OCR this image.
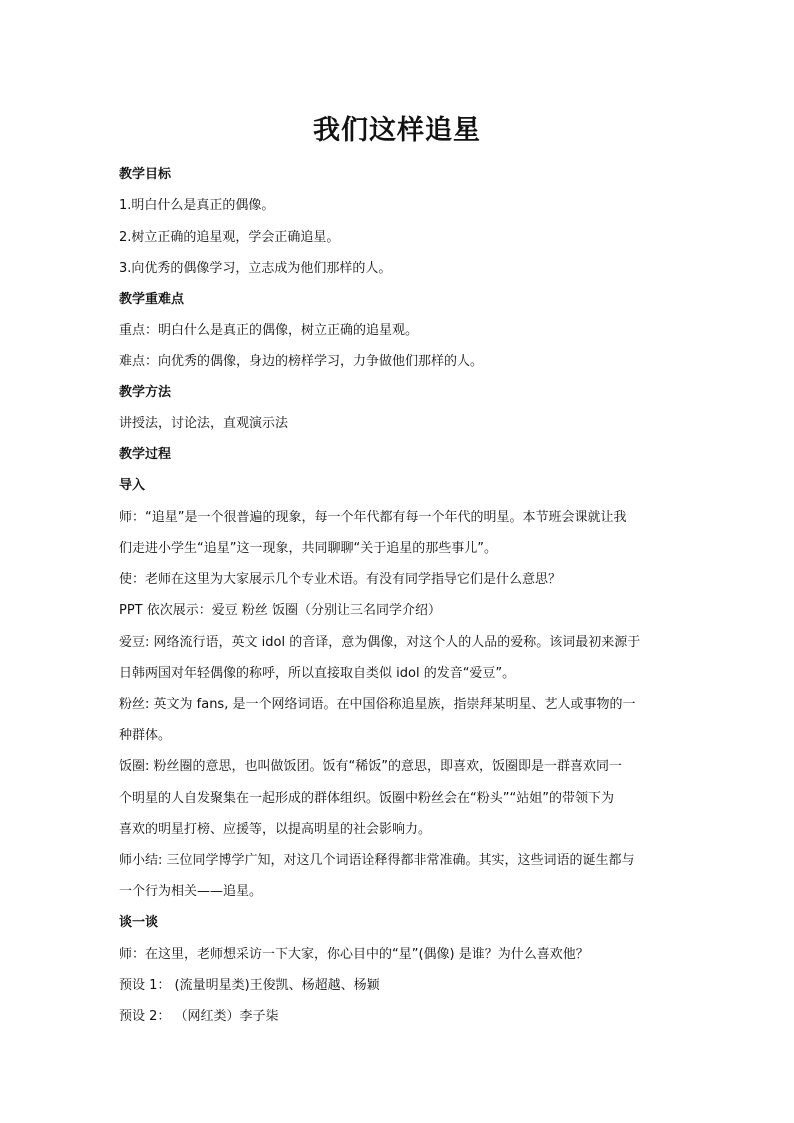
我们这样追星
教学目标
1.明白什么是真正的偶像。
2.树立正确的追星观，学会正确追星。
3.向优秀的偶像学习，立志成为他们那样的人。
教学重难点
重点：明白什么是真正的偶像，树立正确的追星观。
难点：向优秀的偶像，身边的榜样学习，力争做他们那样的人。
教学方法
讲授法，讨论法，直观演示法
教学过程
导入
师：“追星”是一个很普遍的现象，每一个年代都有每一个年代的明星。本节班会课就让我
们走进小学生“追星”这一现象，共同聊聊“关于追星的那些事儿”。
使：老师在这里为大家展示几个专业术语。有没有同学指导它们是什么意思？
PPT 依次展示：爱豆 粉丝 饭圈（分别让三名同学介绍）
爱豆: 网络流行语，英文 idol 的音译，意为偶像，对这个人的人品的爱称。该词最初来源于
日韩两国对年轻偶像的称呼，所以直接取自类似 idol 的发音“爱豆”。
粉丝: 英文为 fans, 是一个网络词语。在中国俗称追星族，指崇拜某明星、艺人或事物的一
种群体。
饭圈: 粉丝圈的意思，也叫做饭团。饭有“稀饭”的意思，即喜欢，饭圈即是一群喜欢同一
个明星的人自发聚集在一起形成的群体组织。饭圈中粉丝会在“粉头”“站姐”的带领下为
喜欢的明星打榜、应援等，以提高明星的社会影响力。
师小结: 三位同学博学广知，对这几个词语诠释得都非常准确。其实，这些词语的诞生都与
一个行为相关——追星。
谈一谈
师：在这里，老师想采访一下大家，你心目中的“星”(偶像) 是谁？为什么喜欢他？
预设 1： (流量明星类)王俊凯、杨超越、杨颖
预设 2： （网红类）李子柒
